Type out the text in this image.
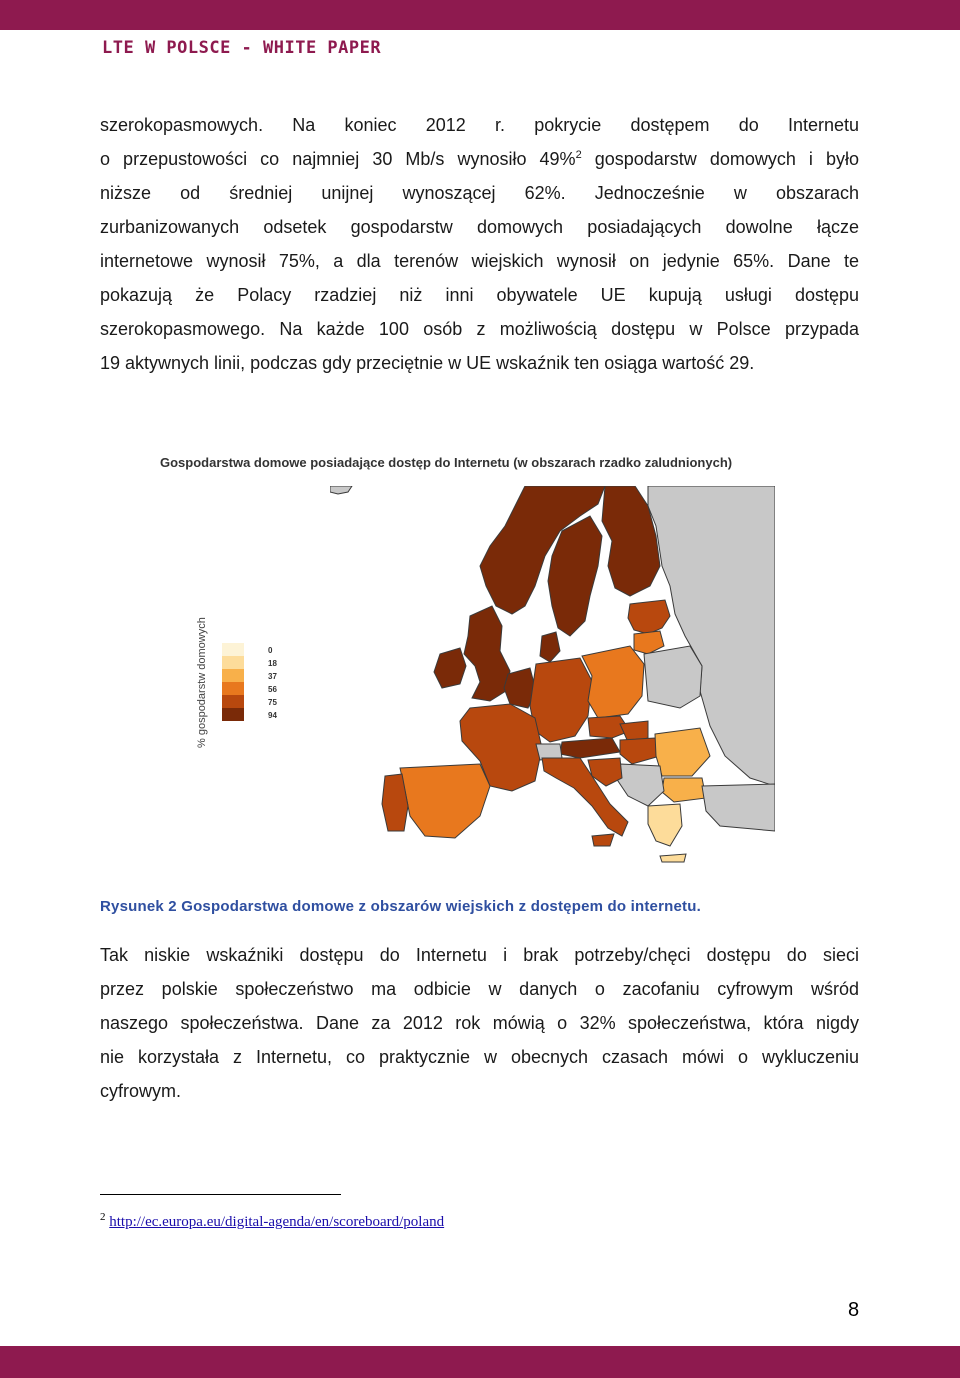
LTE W POLSCE - WHITE PAPER
szerokopasmowych. Na koniec 2012 r. pokrycie dostępem do Internetu
o przepustowości co najmniej 30 Mb/s wynosiło 49%$^2$ gospodarstw domowych i było
niższe od średniej unijnej wynoszącej 62%. Jednocześnie w obszarach
zurbanizowanych odsetek gospodarstw domowych posiadających dowolne łącze
internetowe wynosił 75%, a dla terenów wiejskich wynosił on jedynie 65%. Dane te
pokazują że Polacy rzadziej niż inni obywatele UE kupują usługi dostępu
szerokopasmowego. Na każde 100 osób z możliwością dostępu w Polsce przypada
19 aktywnych linii, podczas gdy przeciętnie w UE wskaźnik ten osiąga wartość 29.
Gospodarstwa domowe posiadające dostęp do Internetu (w obszarach rzadko zaludnionych)
% gospodarstw domowych	0
18
37
56
75
94
Rysunek 2 Gospodarstwa domowe z obszarów wiejskich z dostępem do internetu.
Tak niskie wskaźniki dostępu do Internetu i brak potrzeby/chęci dostępu do sieci
przez polskie społeczeństwo ma odbicie w danych o zacofaniu cyfrowym wśród
naszego społeczeństwa. Dane za 2012 rok mówią o 32% społeczeństwa, która nigdy
nie korzystała z Internetu, co praktycznie w obecnych czasach mówi o wykluczeniu
cyfrowym.
$^2$ http://ec.europa.eu/digital-agenda/en/scoreboard/poland
8
